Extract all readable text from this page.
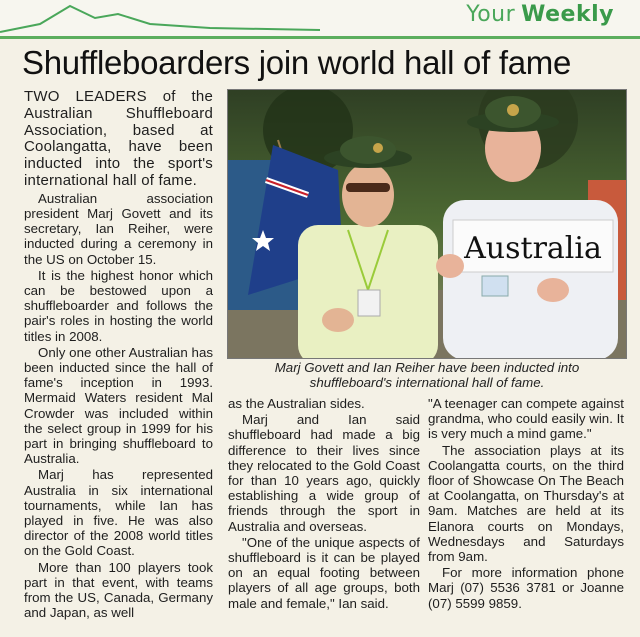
Your Weekly
Shuffleboarders join world hall of fame

TWO LEADERS of the Australian Shuffleboard Association, based at Coolangatta, have been inducted into the sport's international hall of fame.

Australian association president Marj Govett and its secretary, Ian Reiher, were inducted during a ceremony in the US on October 15.

It is the highest honor which can be bestowed upon a shuffleboarder and follows the pair's roles in hosting the world titles in 2008.

Only one other Australian has been inducted since the hall of fame's inception in 1993. Mermaid Waters resident Mal Crowder was included within the select group in 1999 for his part in bringing shuffleboard to Australia.

Marj has represented Australia in six international tournaments, while Ian has played in five. He was also director of the 2008 world titles on the Gold Coast.

More than 100 players took part in that event, with teams from the US, Canada, Germany and Japan, as well

Australia
Marj Govett and Ian Reiher have been inducted into shuffleboard's international hall of fame.

as the Australian sides.

Marj and Ian said shuffleboard had made a big difference to their lives since they relocated to the Gold Coast for than 10 years ago, quickly establishing a wide group of friends through the sport in Australia and overseas.

"One of the unique aspects of shuffleboard is it can be played on an equal footing between players of all age groups, both male and female," Ian said.

"A teenager can compete against grandma, who could easily win. It is very much a mind game."

The association plays at its Coolangatta courts, on the third floor of Showcase On The Beach at Coolangatta, on Thursday's at 9am. Matches are held at its Elanora courts on Mondays, Wednesdays and Saturdays from 9am.

For more information phone Marj (07) 5536 3781 or Joanne (07) 5599 9859.
